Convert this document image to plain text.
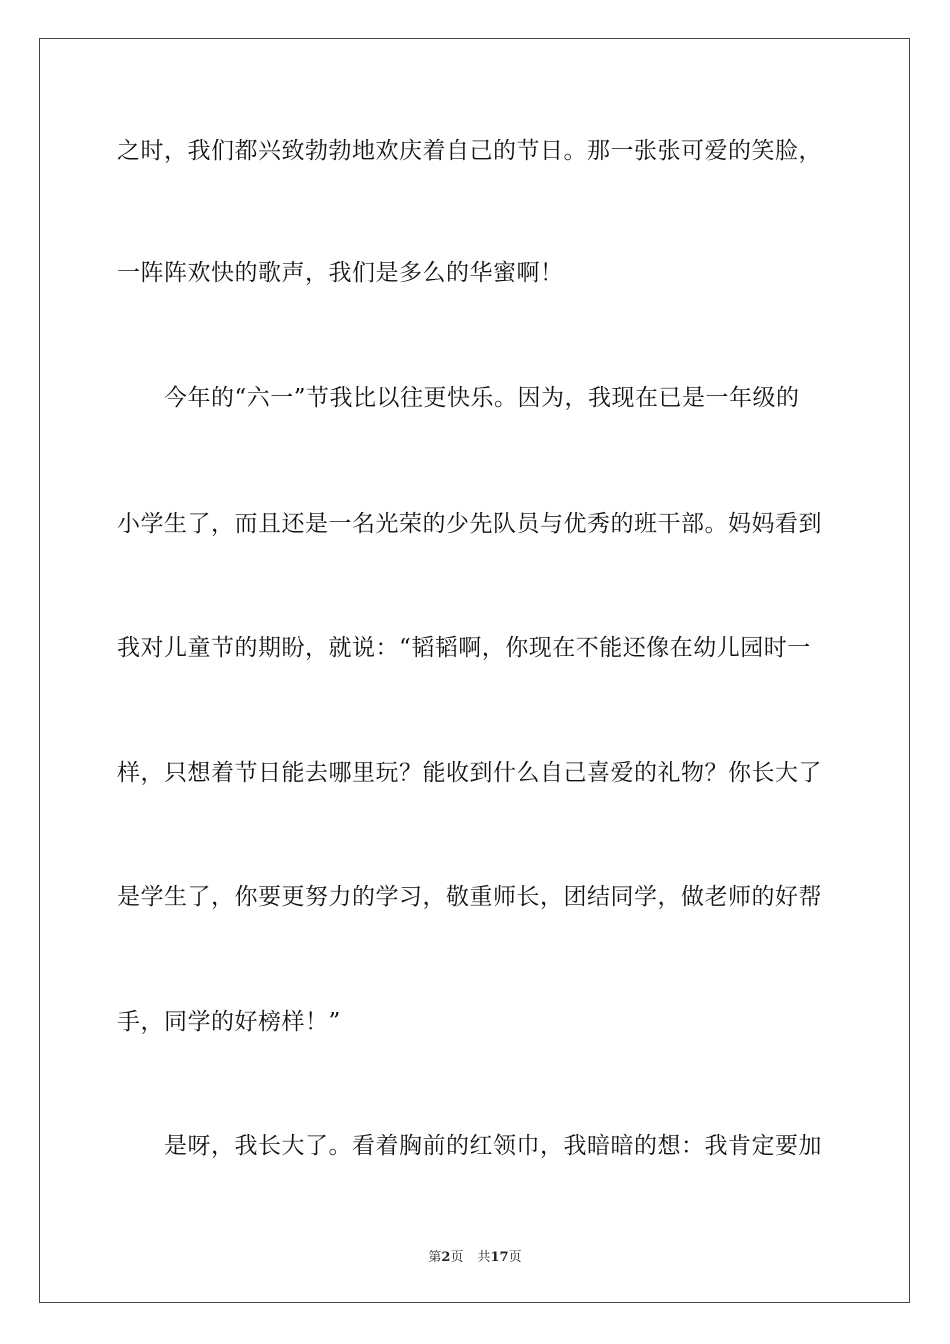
之时，我们都兴致勃勃地欢庆着自己的节日。那一张张可爱的笑脸，
一阵阵欢快的歌声，我们是多么的华蜜啊！
今年的“六一”节我比以往更快乐。因为，我现在已是一年级的
小学生了，而且还是一名光荣的少先队员与优秀的班干部。妈妈看到
我对儿童节的期盼，就说：“韬韬啊，你现在不能还像在幼儿园时一
样，只想着节日能去哪里玩？能收到什么自己喜爱的礼物？你长大了
是学生了，你要更努力的学习，敬重师长，团结同学，做老师的好帮
手，同学的好榜样！”
是呀，我长大了。看着胸前的红领巾，我暗暗的想：我肯定要加
第2页 共17页
